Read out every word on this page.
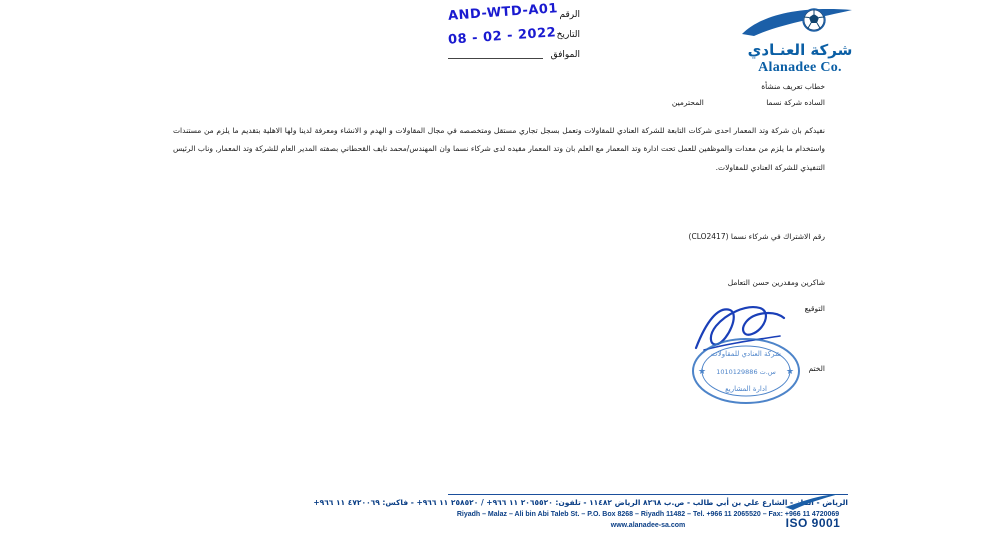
شركة العنـادي
Alanadee Co.
الرقم
التاريخ
الموافق
AND-WTD-A01
08 - 02 - 2022
خطاب تعريف منشأة
الساده شركة نسما المحترمين
نفيدكم بان شركة وتد المعمار احدى شركات التابعة للشركة العنادي للمقاولات وتعمل بسجل تجاري مستقل ومتخصصه في مجال المقاولات و الهدم و الانشاء ومعرفة لدينا ولها الاهلية بتقديم ما يلزم من مستندات واستخدام ما يلزم من معدات والموظفين للعمل تحت ادارة وتد المعمار مع العلم بان وتد المعمار مقيده لدى شركاء نسما وان المهندس/محمد نايف القحطاني بصفته المدير العام للشركة وتد المعمار, وناب الرئيس التنفيذي للشركة العنادي للمقاولات.
رقم الاشتراك في شركاء نسما (CLO2417)
شاكرين ومقدرين حسن التعامل
التوقيع
الختم
شركة العنادي للمقاولات
س.ت 1010129886
ادارة المشاريع
★	★
الرياض - الملز - الشارع علي بن أبي طالب - ص.ب ٨٢٦٨ الرياض ١١٤٨٢ - تلفون: ٢٠٦٥٥٢٠ ١١ ٩٦٦+ / ٢٥٨٥٢٠ ١١ ٩٦٦+ - فاكس: ٤٧٢٠٠٦٩ ١١ ٩٦٦+
Riyadh – Malaz – Ali bin Abi Taleb St. – P.O. Box 8268 – Riyadh 11482 – Tel. +966 11 2065520 – Fax: +966 11 4720069
www.alanadee-sa.com	ISO 9001
